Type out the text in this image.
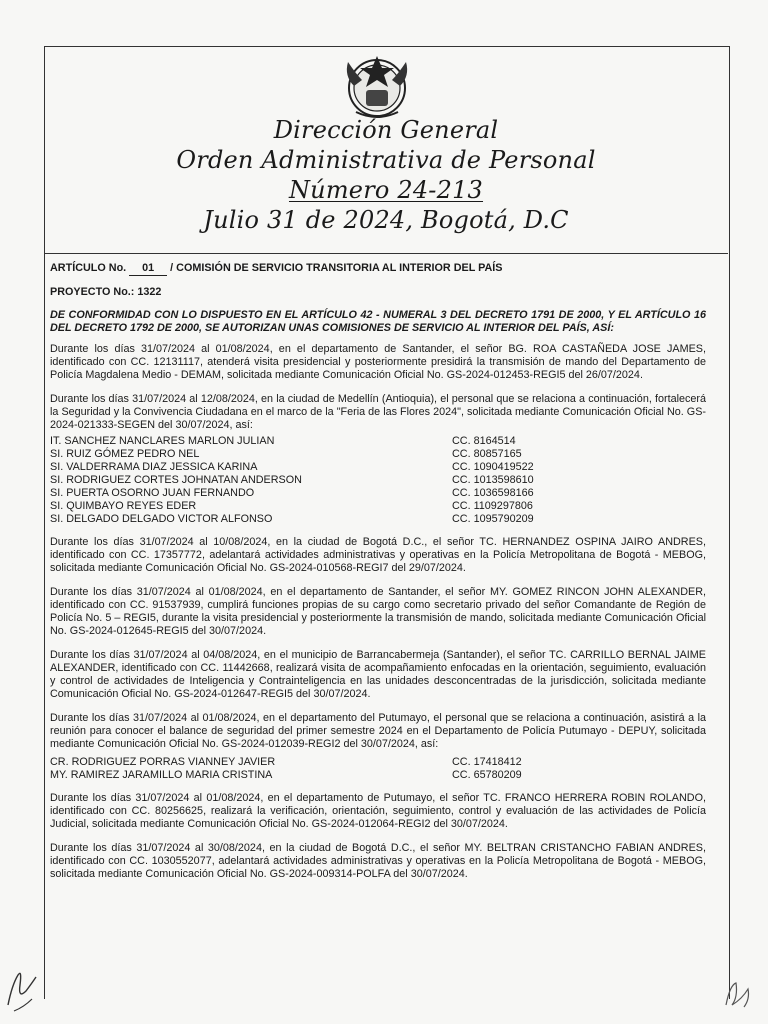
Dirección General
Orden Administrativa de Personal
Número 24-213
Julio 31 de 2024, Bogotá, D.C

ARTÍCULO No. 01 / COMISIÓN DE SERVICIO TRANSITORIA AL INTERIOR DEL PAÍS

PROYECTO No.: 1322

DE CONFORMIDAD CON LO DISPUESTO EN EL ARTÍCULO 42 - NUMERAL 3 DEL DECRETO 1791 DE 2000, Y EL ARTÍCULO 16 DEL DECRETO 1792 DE 2000, SE AUTORIZAN UNAS COMISIONES DE SERVICIO AL INTERIOR DEL PAÍS, ASÍ:

Durante los días 31/07/2024 al 01/08/2024, en el departamento de Santander, el señor BG. ROA CASTAÑEDA JOSE JAMES, identificado con CC. 12131117, atenderá visita presidencial y posteriormente presidirá la transmisión de mando del Departamento de Policía Magdalena Medio - DEMAM, solicitada mediante Comunicación Oficial No. GS-2024-012453-REGI5 del 26/07/2024.

Durante los días 31/07/2024 al 12/08/2024, en la ciudad de Medellín (Antioquia), el personal que se relaciona a continuación, fortalecerá la Seguridad y la Convivencia Ciudadana en el marco de la "Feria de las Flores 2024", solicitada mediante Comunicación Oficial No. GS-2024-021333-SEGEN del 30/07/2024, así:

IT. SANCHEZ NANCLARES MARLON JULIAN	CC. 8164514
SI. RUIZ GÓMEZ PEDRO NEL	CC. 80857165
SI. VALDERRAMA DIAZ JESSICA KARINA	CC. 1090419522
SI. RODRIGUEZ CORTES JOHNATAN ANDERSON	CC. 1013598610
SI. PUERTA OSORNO JUAN FERNANDO	CC. 1036598166
SI. QUIMBAYO REYES EDER	CC. 1109297806
SI. DELGADO DELGADO VICTOR ALFONSO	CC. 1095790209

Durante los días 31/07/2024 al 10/08/2024, en la ciudad de Bogotá D.C., el señor TC. HERNANDEZ OSPINA JAIRO ANDRES, identificado con CC. 17357772, adelantará actividades administrativas y operativas en la Policía Metropolitana de Bogotá - MEBOG, solicitada mediante Comunicación Oficial No. GS-2024-010568-REGI7 del 29/07/2024.

Durante los días 31/07/2024 al 01/08/2024, en el departamento de Santander, el señor MY. GOMEZ RINCON JOHN ALEXANDER, identificado con CC. 91537939, cumplirá funciones propias de su cargo como secretario privado del señor Comandante de Región de Policía No. 5 – REGI5, durante la visita presidencial y posteriormente la transmisión de mando, solicitada mediante Comunicación Oficial No. GS-2024-012645-REGI5 del 30/07/2024.

Durante los días 31/07/2024 al 04/08/2024, en el municipio de Barrancabermeja (Santander), el señor TC. CARRILLO BERNAL JAIME ALEXANDER, identificado con CC. 11442668, realizará visita de acompañamiento enfocadas en la orientación, seguimiento, evaluación y control de actividades de Inteligencia y Contrainteligencia en las unidades desconcentradas de la jurisdicción, solicitada mediante Comunicación Oficial No. GS-2024-012647-REGI5 del 30/07/2024.

Durante los días 31/07/2024 al 01/08/2024, en el departamento del Putumayo, el personal que se relaciona a continuación, asistirá a la reunión para conocer el balance de seguridad del primer semestre 2024 en el Departamento de Policía Putumayo - DEPUY, solicitada mediante Comunicación Oficial No. GS-2024-012039-REGI2 del 30/07/2024, así:

CR. RODRIGUEZ PORRAS VIANNEY JAVIER	CC. 17418412
MY. RAMIREZ JARAMILLO MARIA CRISTINA	CC. 65780209

Durante los días 31/07/2024 al 01/08/2024, en el departamento de Putumayo, el señor TC. FRANCO HERRERA ROBIN ROLANDO, identificado con CC. 80256625, realizará la verificación, orientación, seguimiento, control y evaluación de las actividades de Policía Judicial, solicitada mediante Comunicación Oficial No. GS-2024-012064-REGI2 del 30/07/2024.

Durante los días 31/07/2024 al 30/08/2024, en la ciudad de Bogotá D.C., el señor MY. BELTRAN CRISTANCHO FABIAN ANDRES, identificado con CC. 1030552077, adelantará actividades administrativas y operativas en la Policía Metropolitana de Bogotá - MEBOG, solicitada mediante Comunicación Oficial No. GS-2024-009314-POLFA del 30/07/2024.
